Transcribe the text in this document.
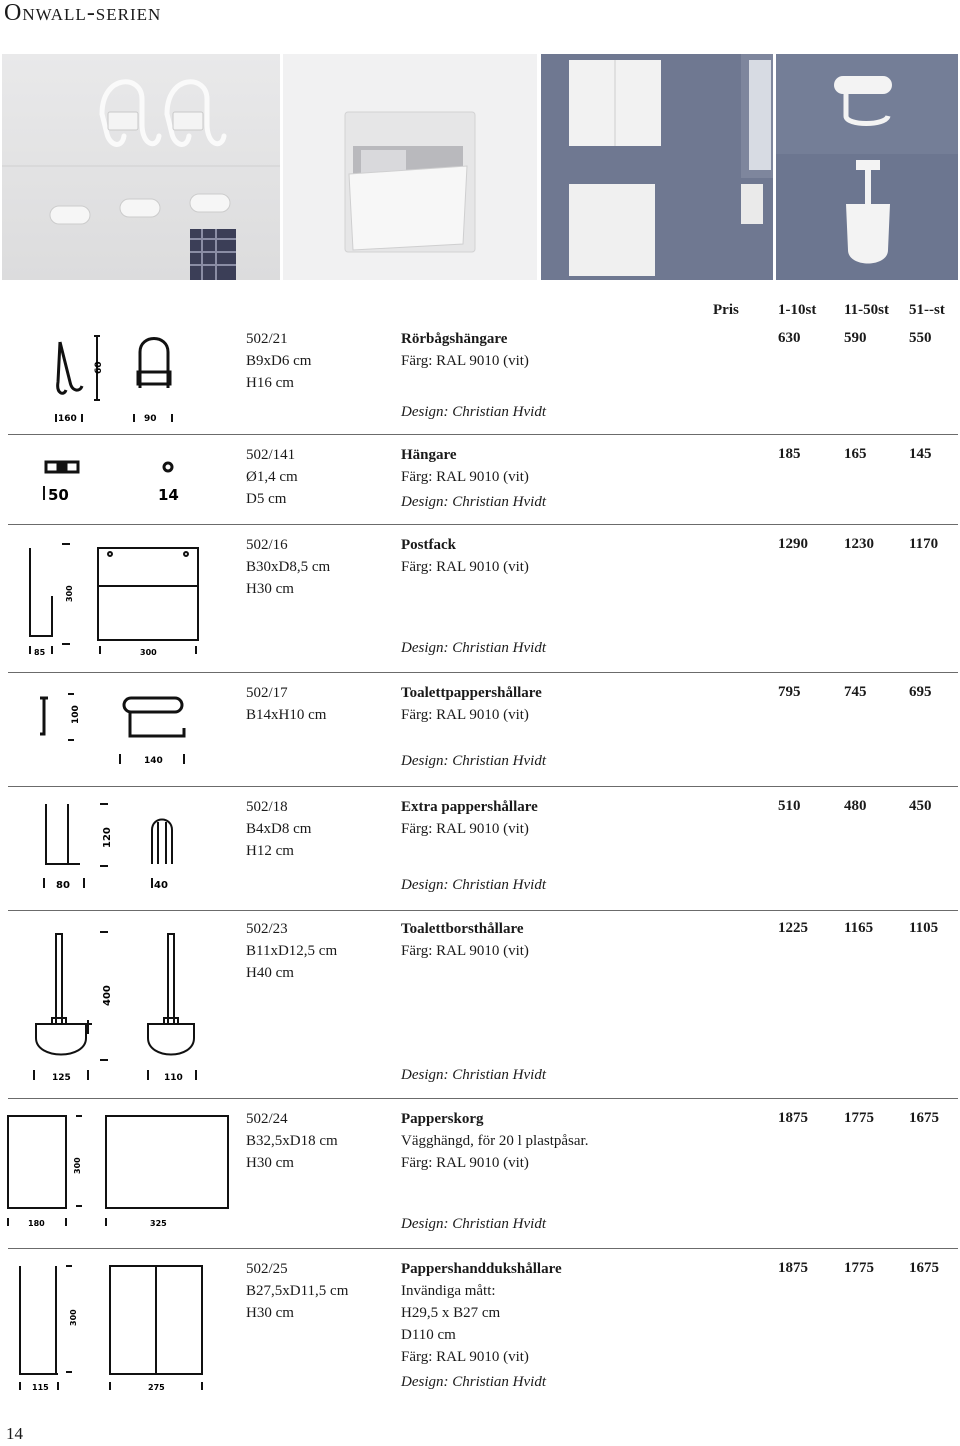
Onwall-serien
Pris	1-10st 11-50st 51--st
60
160	90
502/21
B9xD6 cm
H16 cm
Rörbågshängare
Färg: RAL 9010 (vit)
Design: Christian Hvidt
630	590	550
50	14
502/141
Ø1,4 cm
D5 cm
Hängare
Färg: RAL 9010 (vit)
Design: Christian Hvidt
185	165	145
300
85	300
502/16
B30xD8,5 cm
H30 cm
Postfack
Färg: RAL 9010 (vit)
Design: Christian Hvidt
1290 1230 1170
100
140
502/17
B14xH10 cm
Toalettpappershållare
Färg: RAL 9010 (vit)
Design: Christian Hvidt
795	745	695
120
80	40
502/18
B4xD8 cm
H12 cm
Extra pappershållare
Färg: RAL 9010 (vit)
Design: Christian Hvidt
510	480	450
400
125	110
502/23
B11xD12,5 cm
H40 cm
Toalettborsthållare
Färg: RAL 9010 (vit)
Design: Christian Hvidt
1225 1165 1105
300
180	325
502/24
B32,5xD18 cm
H30 cm
Papperskorg
Vägghängd, för 20 l plastpåsar.
Färg: RAL 9010 (vit)
Design: Christian Hvidt
1875 1775 1675
300
115	275
502/25
B27,5xD11,5 cm
H30 cm
Pappershanddukshållare
Invändiga mått:
H29,5 x B27 cm
D110 cm
Färg: RAL 9010 (vit)
Design: Christian Hvidt
1875 1775 1675
14
